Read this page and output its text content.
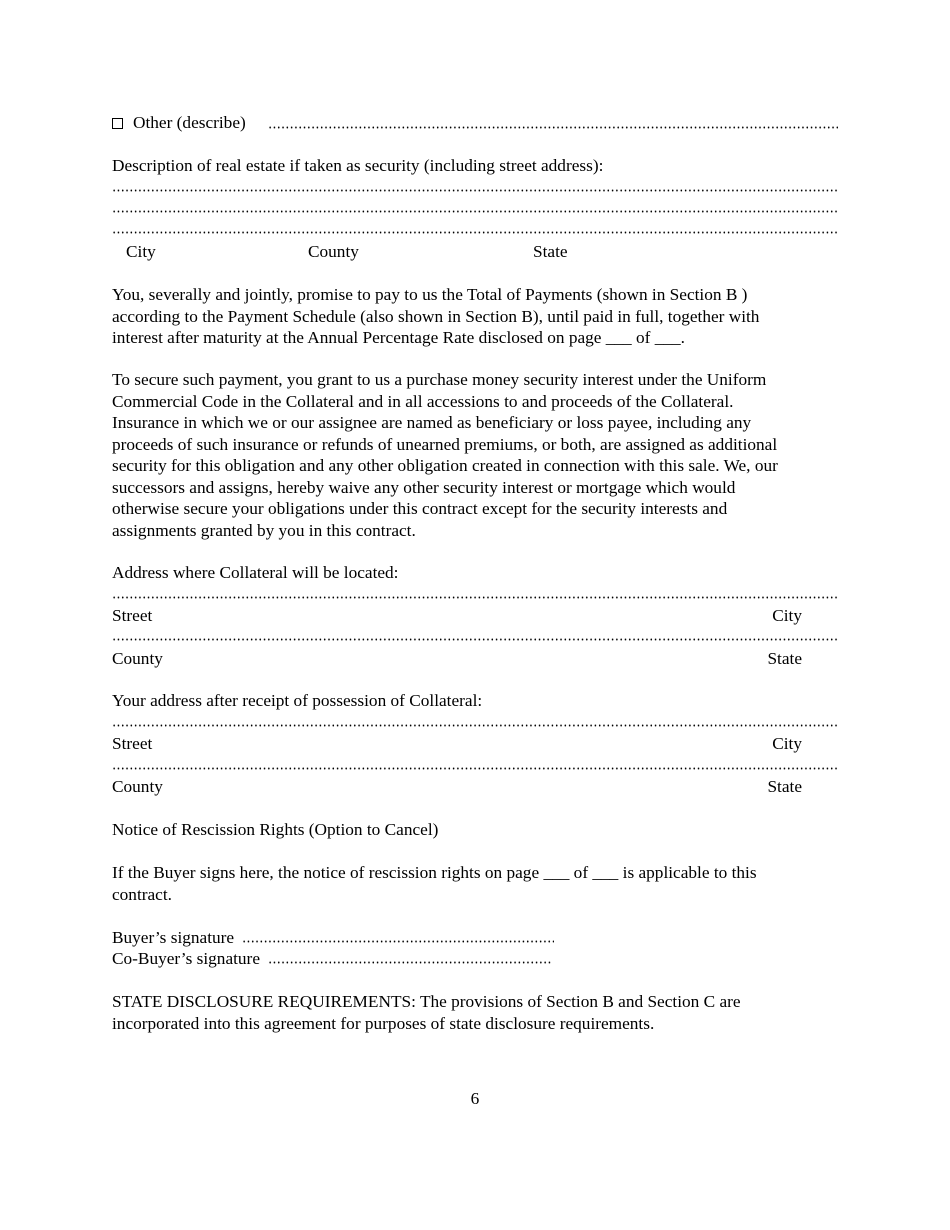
Other (describe)
Description of real estate if taken as security (including street address):
City	County	State

You, severally and jointly, promise to pay to us the Total of Payments (shown in Section B )

according to the Payment Schedule (also shown in Section B), until paid in full, together with

interest after maturity at the Annual Percentage Rate disclosed on page ___ of ___.

To secure such payment, you grant to us a purchase money security interest under the Uniform

Commercial Code in the Collateral and in all accessions to and proceeds of the Collateral.

Insurance in which we or our assignee are named as beneficiary or loss payee, including any

proceeds of such insurance or refunds of unearned premiums, or both, are assigned as additional

security for this obligation and any other obligation created in connection with this sale. We, our

successors and assigns, hereby waive any other security interest or mortgage which would

otherwise secure your obligations under this contract except for the security interests and

assignments granted by you in this contract.

Address where Collateral will be located:
Street	City
County	State
Your address after receipt of possession of Collateral:
Street	City
County	State
Notice of Rescission Rights (Option to Cancel)

If the Buyer signs here, the notice of rescission rights on page ___ of ___ is applicable to this

contract.

Buyer’s signature
Co-Buyer’s signature

STATE DISCLOSURE REQUIREMENTS: The provisions of Section B and Section C are

incorporated into this agreement for purposes of state disclosure requirements.

6
